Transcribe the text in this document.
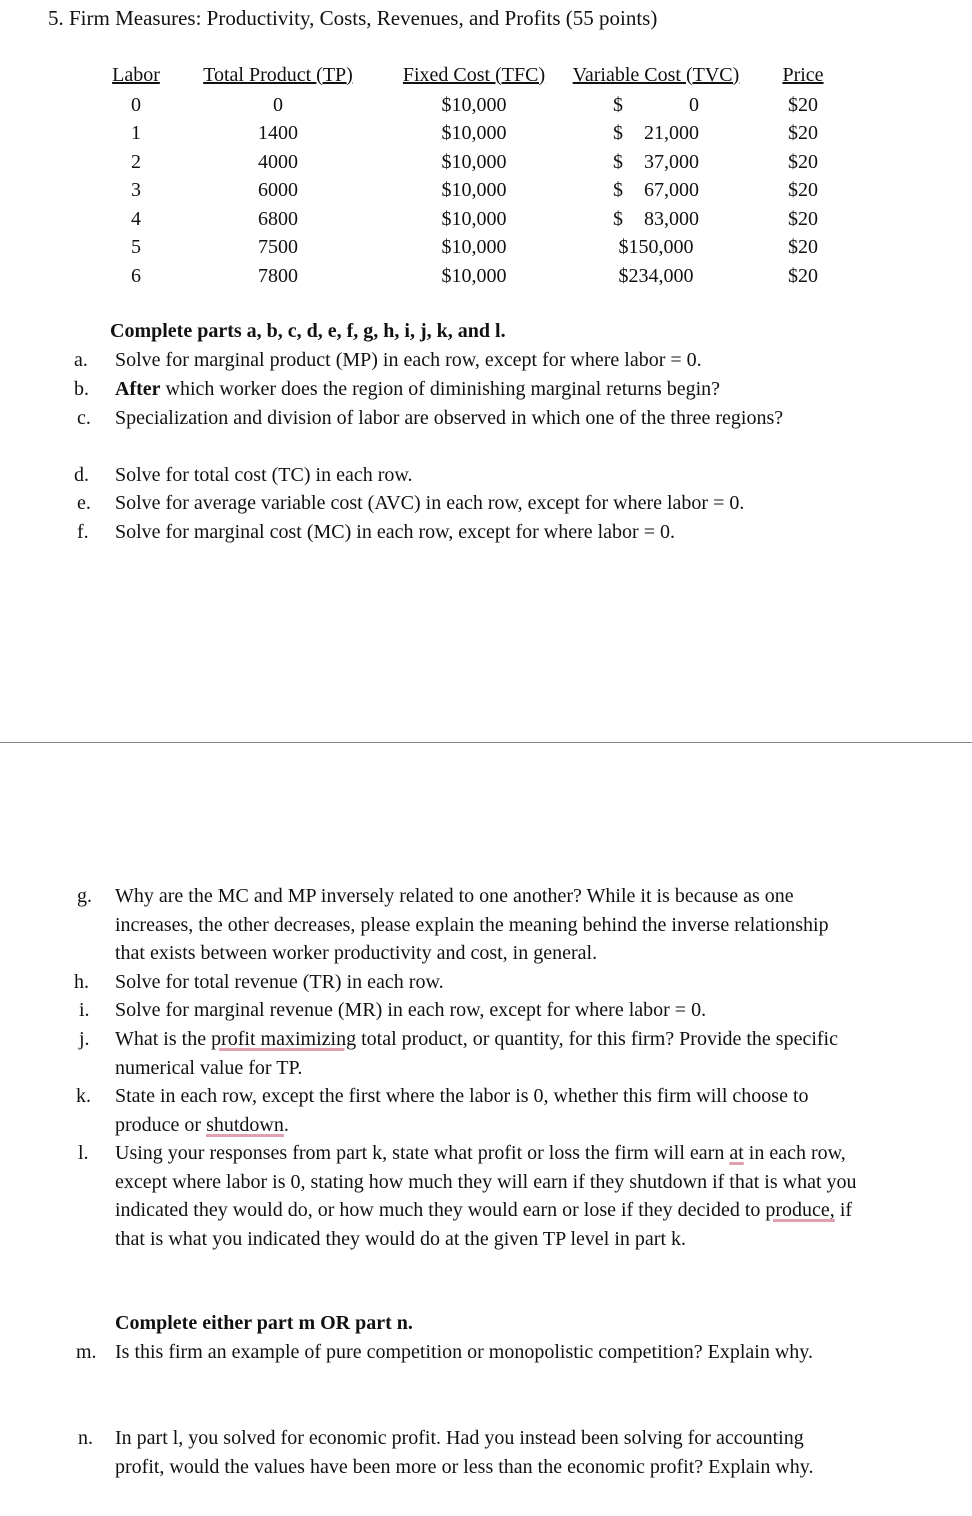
5. Firm Measures: Productivity, Costs, Revenues, and Profits (55 points)
Labor	Total Product (TP)	Fixed Cost (TFC)	Variable Cost (TVC)	Price
0	0	$10,000	$ 0	$20
1	1400	$10,000	$ 21,000	$20
2	4000	$10,000	$ 37,000	$20
3	6000	$10,000	$ 67,000	$20
4	6800	$10,000	$ 83,000	$20
5	7500	$10,000	$150,000	$20
6	7800	$10,000	$234,000	$20
Complete parts a, b, c, d, e, f, g, h, i, j, k, and l.
a. Solve for marginal product (MP) in each row, except for where labor = 0.
b. After which worker does the region of diminishing marginal returns begin?
c. Specialization and division of labor are observed in which one of the three regions?
d. Solve for total cost (TC) in each row.
e. Solve for average variable cost (AVC) in each row, except for where labor = 0.
f. Solve for marginal cost (MC) in each row, except for where labor = 0.
g. Why are the MC and MP inversely related to one another? While it is because as one increases, the other decreases, please explain the meaning behind the inverse relationship that exists between worker productivity and cost, in general.
h. Solve for total revenue (TR) in each row.
i. Solve for marginal revenue (MR) in each row, except for where labor = 0.
j. What is the profit maximizing total product, or quantity, for this firm? Provide the specific numerical value for TP.
k. State in each row, except the first where the labor is 0, whether this firm will choose to produce or shutdown.
l. Using your responses from part k, state what profit or loss the firm will earn at in each row, except where labor is 0, stating how much they will earn if they shutdown if that is what you indicated they would do, or how much they would earn or lose if they decided to produce, if that is what you indicated they would do at the given TP level in part k.
Complete either part m OR part n.
m. Is this firm an example of pure competition or monopolistic competition? Explain why.
n. In part l, you solved for economic profit. Had you instead been solving for accounting profit, would the values have been more or less than the economic profit? Explain why.
